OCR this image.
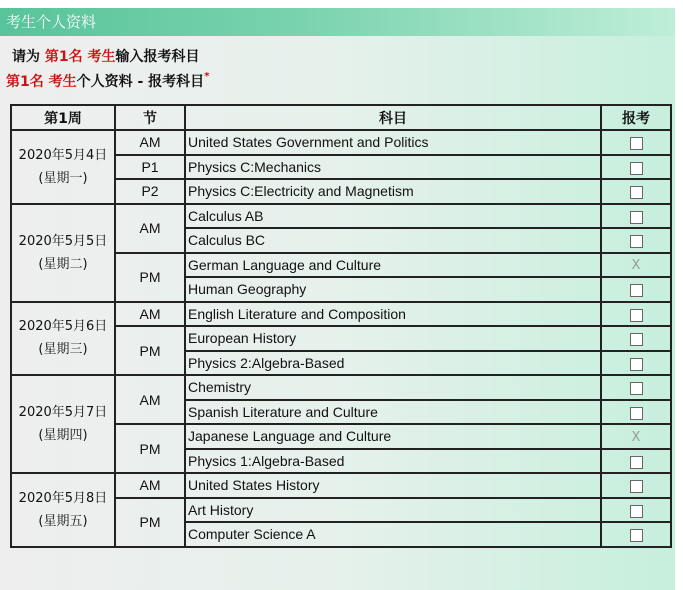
考生个人资料
请为 第1名 考生输入报考科目
第1名 考生个人资料 - 报考科目*
第1周	节	科目	报考

2020年5月4日
(星期一)	AM	United States Government and Politics	
	P1	Physics C:Mechanics	
	P2	Physics C:Electricity and Magnetism	

2020年5月5日
(星期二)	AM	Calculus AB	
		Calculus BC	
	PM	German Language and Culture	X
		Human Geography	

2020年5月6日
(星期三)	AM	English Literature and Composition	
	PM	European History	
		Physics 2:Algebra-Based	

2020年5月7日
(星期四)	AM	Chemistry	
		Spanish Literature and Culture	
	PM	Japanese Language and Culture	X
		Physics 1:Algebra-Based	

2020年5月8日
(星期五)	AM	United States History	
	PM	Art History	
		Computer Science A	
